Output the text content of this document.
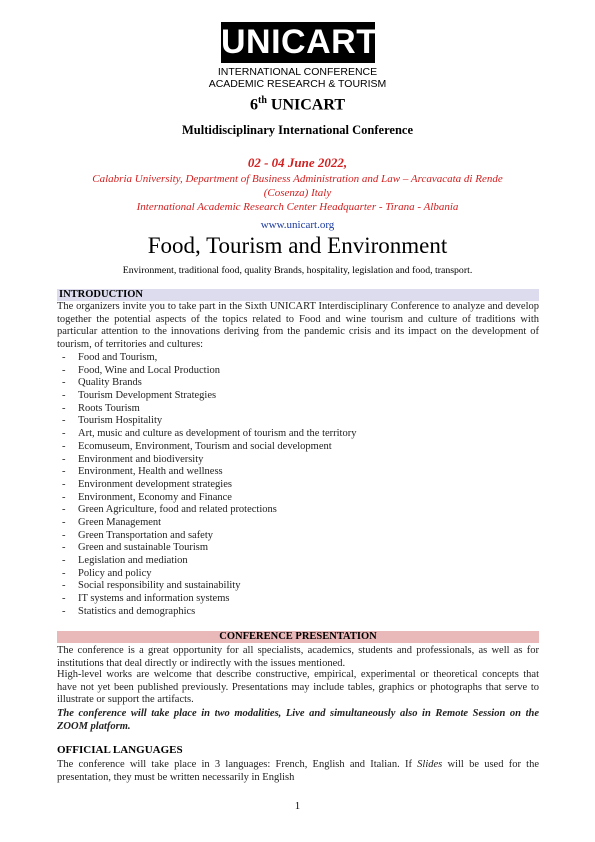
UNICART
INTERNATIONAL CONFERENCE
ACADEMIC RESEARCH & TOURISM
6th UNICART
Multidisciplinary International Conference
02 - 04 June 2022,
Calabria University, Department of Business Administration and Law – Arcavacata di Rende
(Cosenza) Italy
International Academic Research Center Headquarter - Tirana - Albania
www.unicart.org
Food, Tourism and Environment
Environment, traditional food, quality Brands, hospitality, legislation and food, transport.
INTRODUCTION
The organizers invite you to take part in the Sixth UNICART Interdisciplinary Conference to analyze and develop together the potential aspects of the topics related to Food and wine tourism and culture of traditions with particular attention to the innovations deriving from the pandemic crisis and its impact on the development of tourism, of territories and cultures:
- Food and Tourism,
- Food, Wine and Local Production
- Quality Brands
- Tourism Development Strategies
- Roots Tourism
- Tourism Hospitality
- Art, music and culture as development of tourism and the territory
- Ecomuseum, Environment, Tourism and social development
- Environment and biodiversity
- Environment, Health and wellness
- Environment development strategies
- Environment, Economy and Finance
- Green Agriculture, food and related protections
- Green Management
- Green Transportation and safety
- Green and sustainable Tourism
- Legislation and mediation
- Policy and policy
- Social responsibility and sustainability
- IT systems and information systems
- Statistics and demographics
CONFERENCE PRESENTATION
The conference is a great opportunity for all specialists, academics, students and professionals, as well as for institutions that deal directly or indirectly with the issues mentioned.
High-level works are welcome that describe constructive, empirical, experimental or theoretical concepts that have not yet been published previously. Presentations may include tables, graphics or photographs that serve to illustrate or support the artifacts.
The conference will take place in two modalities, Live and simultaneously also in Remote Session on the ZOOM platform.
OFFICIAL LANGUAGES
The conference will take place in 3 languages: French, English and Italian. If Slides will be used for the presentation, they must be written necessarily in English
1
